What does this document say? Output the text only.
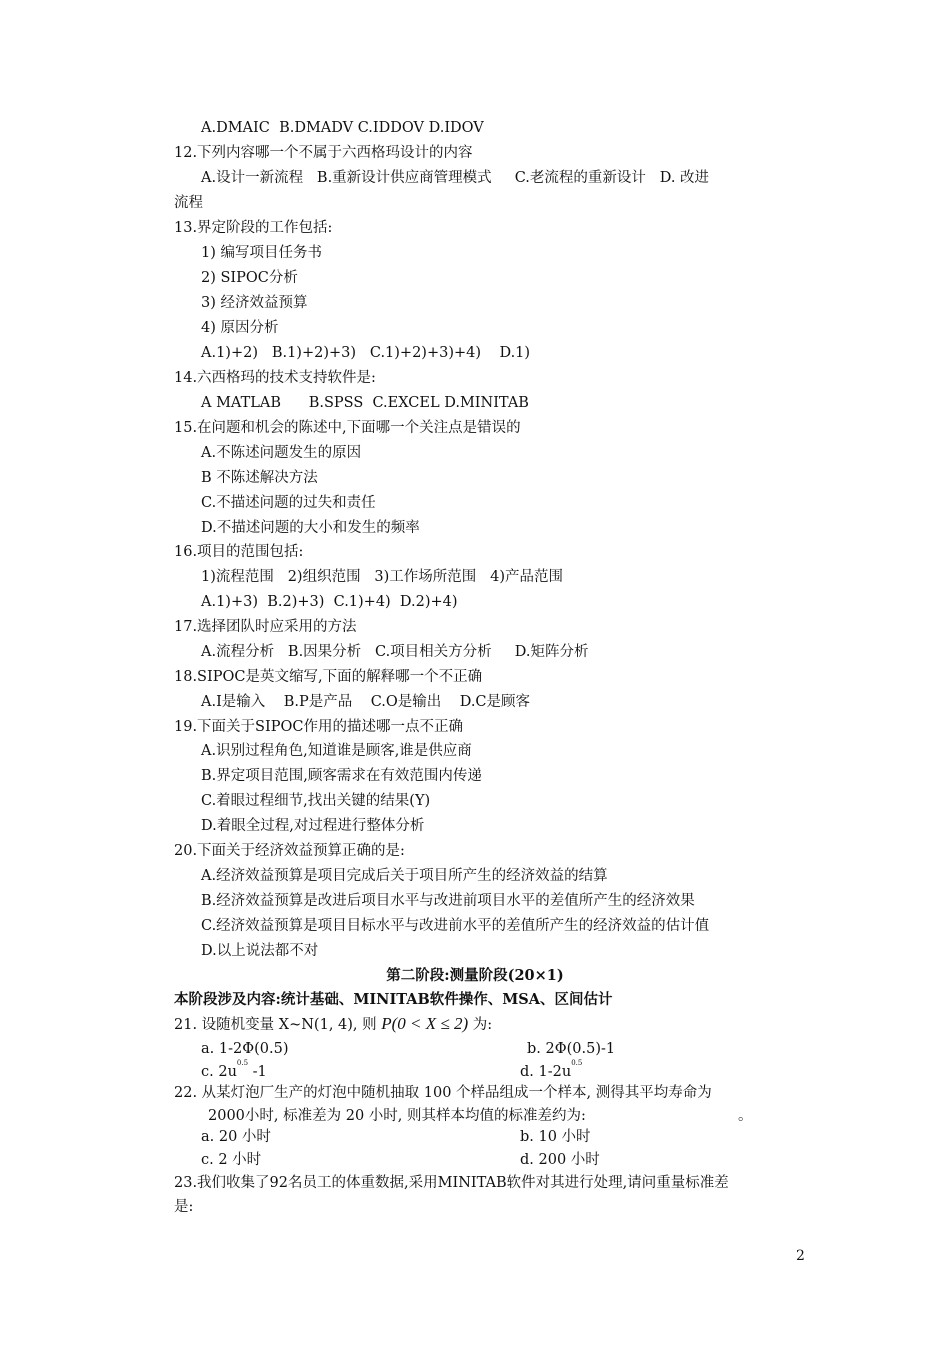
A.DMAIC  B.DMADV C.IDDOV D.IDOV
12.下列内容哪一个不属于六西格玛设计的内容
A.设计一新流程   B.重新设计供应商管理模式     C.老流程的重新设计   D. 改进
流程
13.界定阶段的工作包括:
1) 编写项目任务书
2) SIPOC分析
3) 经济效益预算
4) 原因分析
A.1)+2)   B.1)+2)+3)   C.1)+2)+3)+4)    D.1)
14.六西格玛的技术支持软件是:
A MATLAB      B.SPSS  C.EXCEL D.MINITAB
15.在问题和机会的陈述中,下面哪一个关注点是错误的
A.不陈述问题发生的原因
B 不陈述解决方法
C.不描述问题的过失和责任
D.不描述问题的大小和发生的频率
16.项目的范围包括:
1)流程范围   2)组织范围   3)工作场所范围   4)产品范围
A.1)+3)  B.2)+3)  C.1)+4)  D.2)+4)
17.选择团队时应采用的方法
A.流程分析   B.因果分析   C.项目相关方分析     D.矩阵分析
18.SIPOC是英文缩写,下面的解释哪一个不正确
A.I是输入    B.P是产品    C.O是输出    D.C是顾客
19.下面关于SIPOC作用的描述哪一点不正确
A.识别过程角色,知道谁是顾客,谁是供应商
B.界定项目范围,顾客需求在有效范围内传递
C.着眼过程细节,找出关键的结果(Y)
D.着眼全过程,对过程进行整体分析
20.下面关于经济效益预算正确的是:
A.经济效益预算是项目完成后关于项目所产生的经济效益的结算
B.经济效益预算是改进后项目水平与改进前项目水平的差值所产生的经济效果
C.经济效益预算是项目目标水平与改进前水平的差值所产生的经济效益的估计值
D.以上说法都不对
第二阶段:测量阶段(20×1)
本阶段涉及内容:统计基础、MINITAB软件操作、MSA、区间估计
21. 设随机变量 X~N(1, 4), 则 P(0 < X ≤ 2) 为:
a. 1-2Φ(0.5)	b. 2Φ(0.5)-1
c. $2u^{0.5}$ -1	d. $1-2u^{0.5}$
22. 从某灯泡厂生产的灯泡中随机抽取 100 个样品组成一个样本, 测得其平均寿命为
2000小时, 标准差为 20 小时, 则其样本均值的标准差约为:	。
a. 20 小时	b. 10 小时
c. 2 小时	d. 200 小时
23.我们收集了92名员工的体重数据,采用MINITAB软件对其进行处理,请问重量标准差
是:
2
